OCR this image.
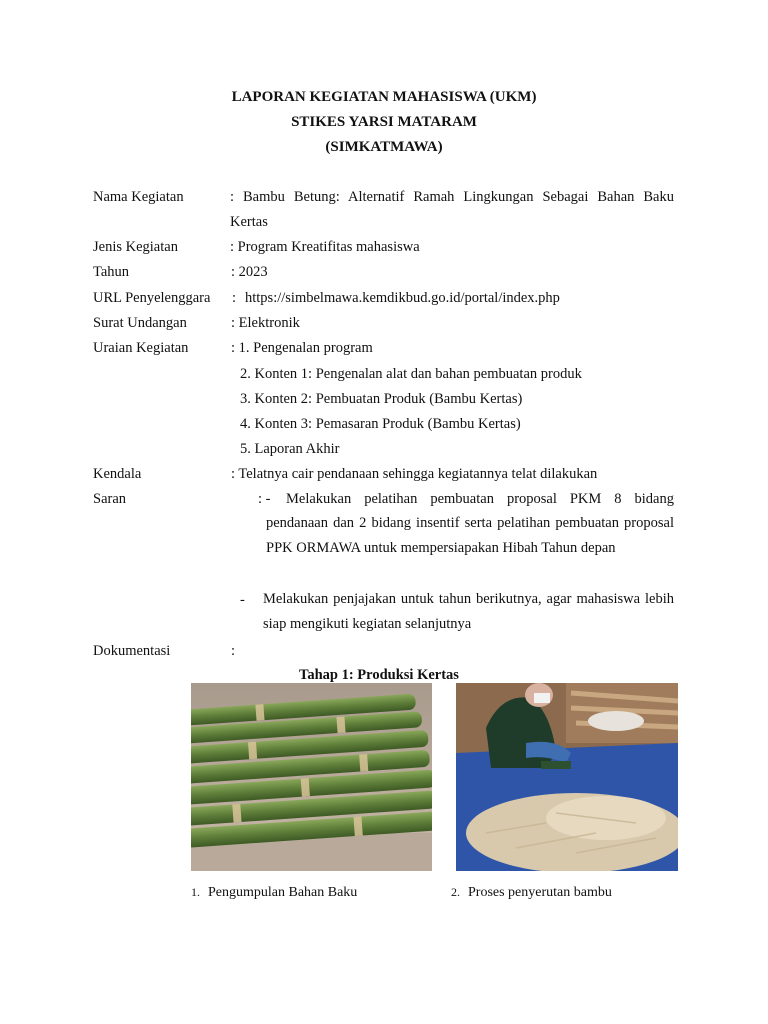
LAPORAN KEGIATAN MAHASISWA (UKM)
STIKES YARSI MATARAM
(SIMKATMAWA)
Nama Kegiatan	: Bambu Betung: Alternatif Ramah Lingkungan Sebagai Bahan Baku
Kertas
Jenis Kegiatan	: Program Kreatifitas mahasiswa
Tahun	: 2023
URL Penyelenggara : https://simbelmawa.kemdikbud.go.id/portal/index.php
Surat Undangan	: Elektronik
Uraian Kegiatan	: 1. Pengenalan program
2. Konten 1: Pengenalan alat dan bahan pembuatan produk
3. Konten 2: Pembuatan Produk (Bambu Kertas)
4. Konten 3: Pemasaran Produk (Bambu Kertas)
5. Laporan Akhir
Kendala	: Telatnya cair pendanaan sehingga kegiatannya telat dilakukan
Saran	: - Melakukan pelatihan pembuatan proposal PKM 8 bidang
pendanaan dan 2 bidang insentif serta pelatihan pembuatan proposal PPK ORMAWA untuk mempersiapakan Hibah Tahun depan
- Melakukan penjajakan untuk tahun berikutnya, agar mahasiswa lebih siap mengikuti kegiatan selanjutnya
Dokumentasi	:
Tahap 1: Produksi Kertas
1. Pengumpulan Bahan Baku	2. Proses penyerutan bambu
